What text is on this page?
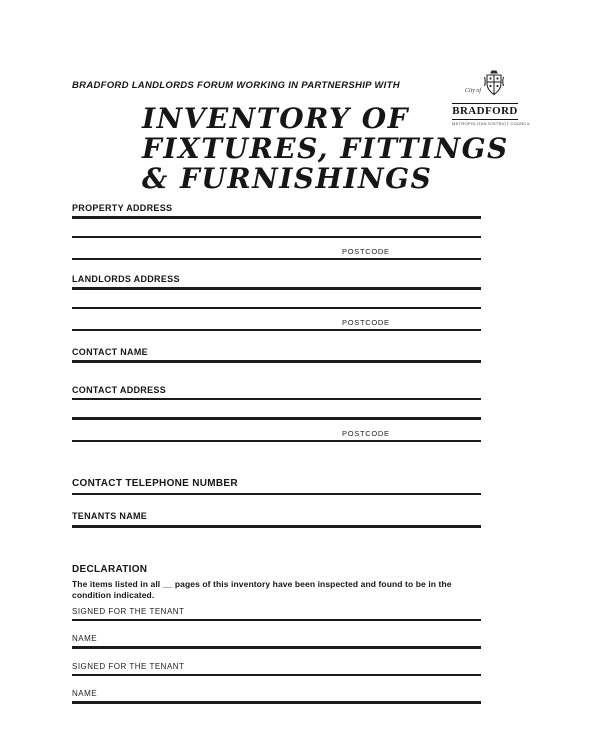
City of
BRADFORD
METROPOLITAN DISTRICT COUNCIL
BRADFORD LANDLORDS FORUM WORKING IN PARTNERSHIP WITH
INVENTORY OF
FIXTURES, FITTINGS
& FURNISHINGS
PROPERTY ADDRESS
POSTCODE
LANDLORDS ADDRESS
POSTCODE
CONTACT NAME
CONTACT ADDRESS
POSTCODE
CONTACT TELEPHONE NUMBER
TENANTS NAME
DECLARATION
The items listed in all __ pages of this inventory have been inspected and found to be in the condition indicated.
SIGNED FOR THE TENANT
NAME
SIGNED FOR THE TENANT
NAME
